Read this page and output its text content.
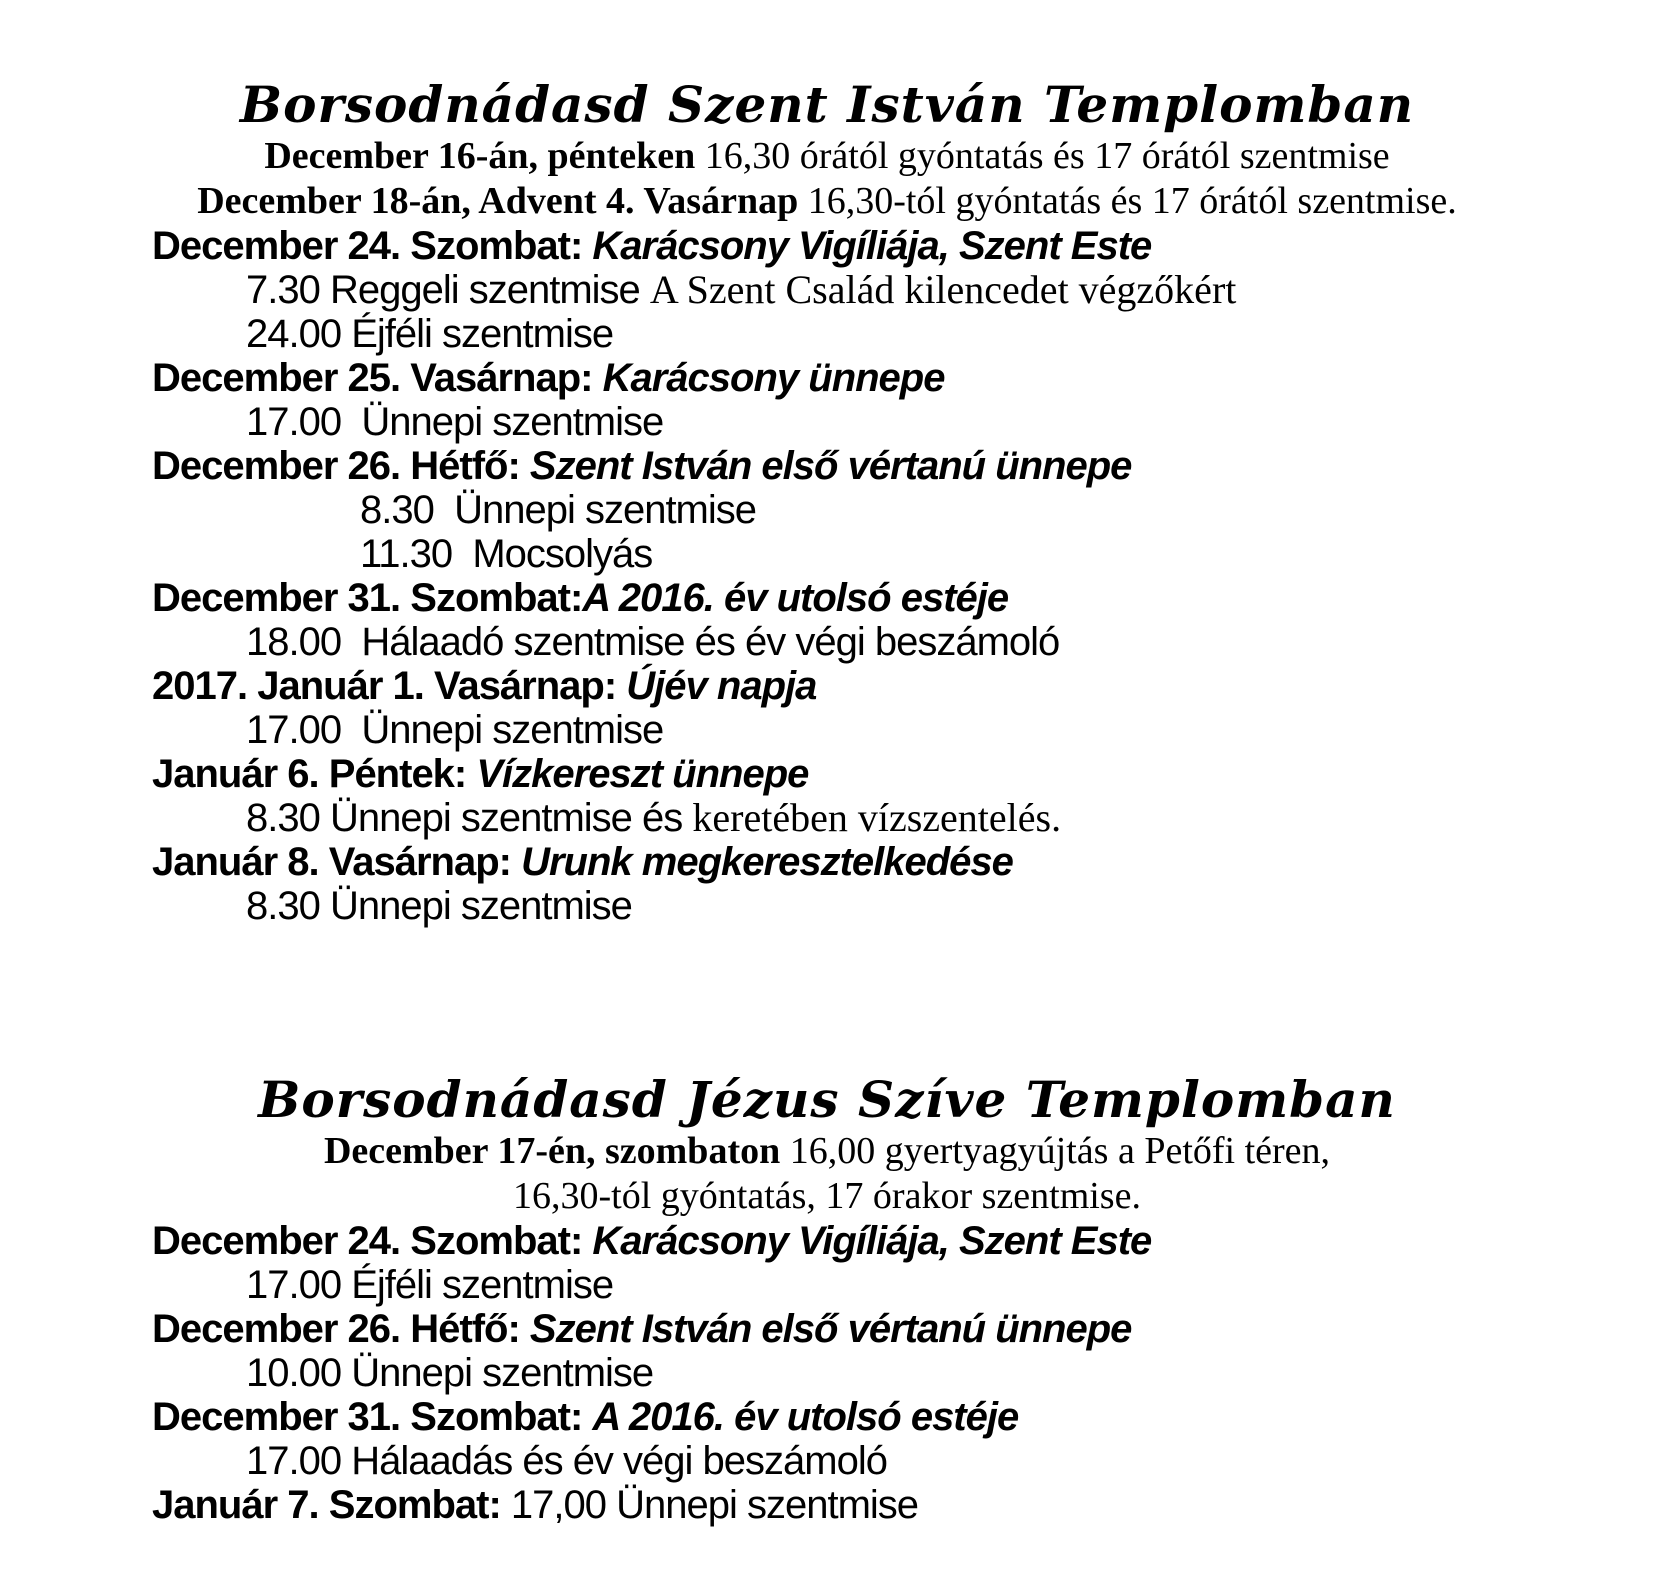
Borsodnádasd Szent István Templomban

December 16-án, pénteken 16,30 órától gyóntatás és 17 órától szentmise

December 18-án, Advent 4. Vasárnap 16,30-tól gyóntatás és 17 órától szentmise.

December 24. Szombat: Karácsony Vigíliája, Szent Este

7.30 Reggeli szentmise A Szent Család kilencedet végzőkért

24.00 Éjféli szentmise

December 25. Vasárnap: Karácsony ünnepe

17.00  Ünnepi szentmise

December 26. Hétfő: Szent István első vértanú ünnepe

8.30  Ünnepi szentmise

11.30  Mocsolyás

December 31. Szombat:A 2016. év utolsó estéje

18.00  Hálaadó szentmise és év végi beszámoló

2017. Január 1. Vasárnap: Újév napja

17.00  Ünnepi szentmise

Január 6. Péntek: Vízkereszt ünnepe

8.30 Ünnepi szentmise és keretében vízszentelés.

Január 8. Vasárnap: Urunk megkeresztelkedése

8.30 Ünnepi szentmise

Borsodnádasd Jézus Szíve Templomban

December 17-én, szombaton 16,00 gyertyagyújtás a Petőfi téren,

16,30-tól gyóntatás, 17 órakor szentmise.

December 24. Szombat: Karácsony Vigíliája, Szent Este

17.00 Éjféli szentmise

December 26. Hétfő: Szent István első vértanú ünnepe

10.00 Ünnepi szentmise

December 31. Szombat: A 2016. év utolsó estéje

17.00 Hálaadás és év végi beszámoló

Január 7. Szombat: 17,00 Ünnepi szentmise
